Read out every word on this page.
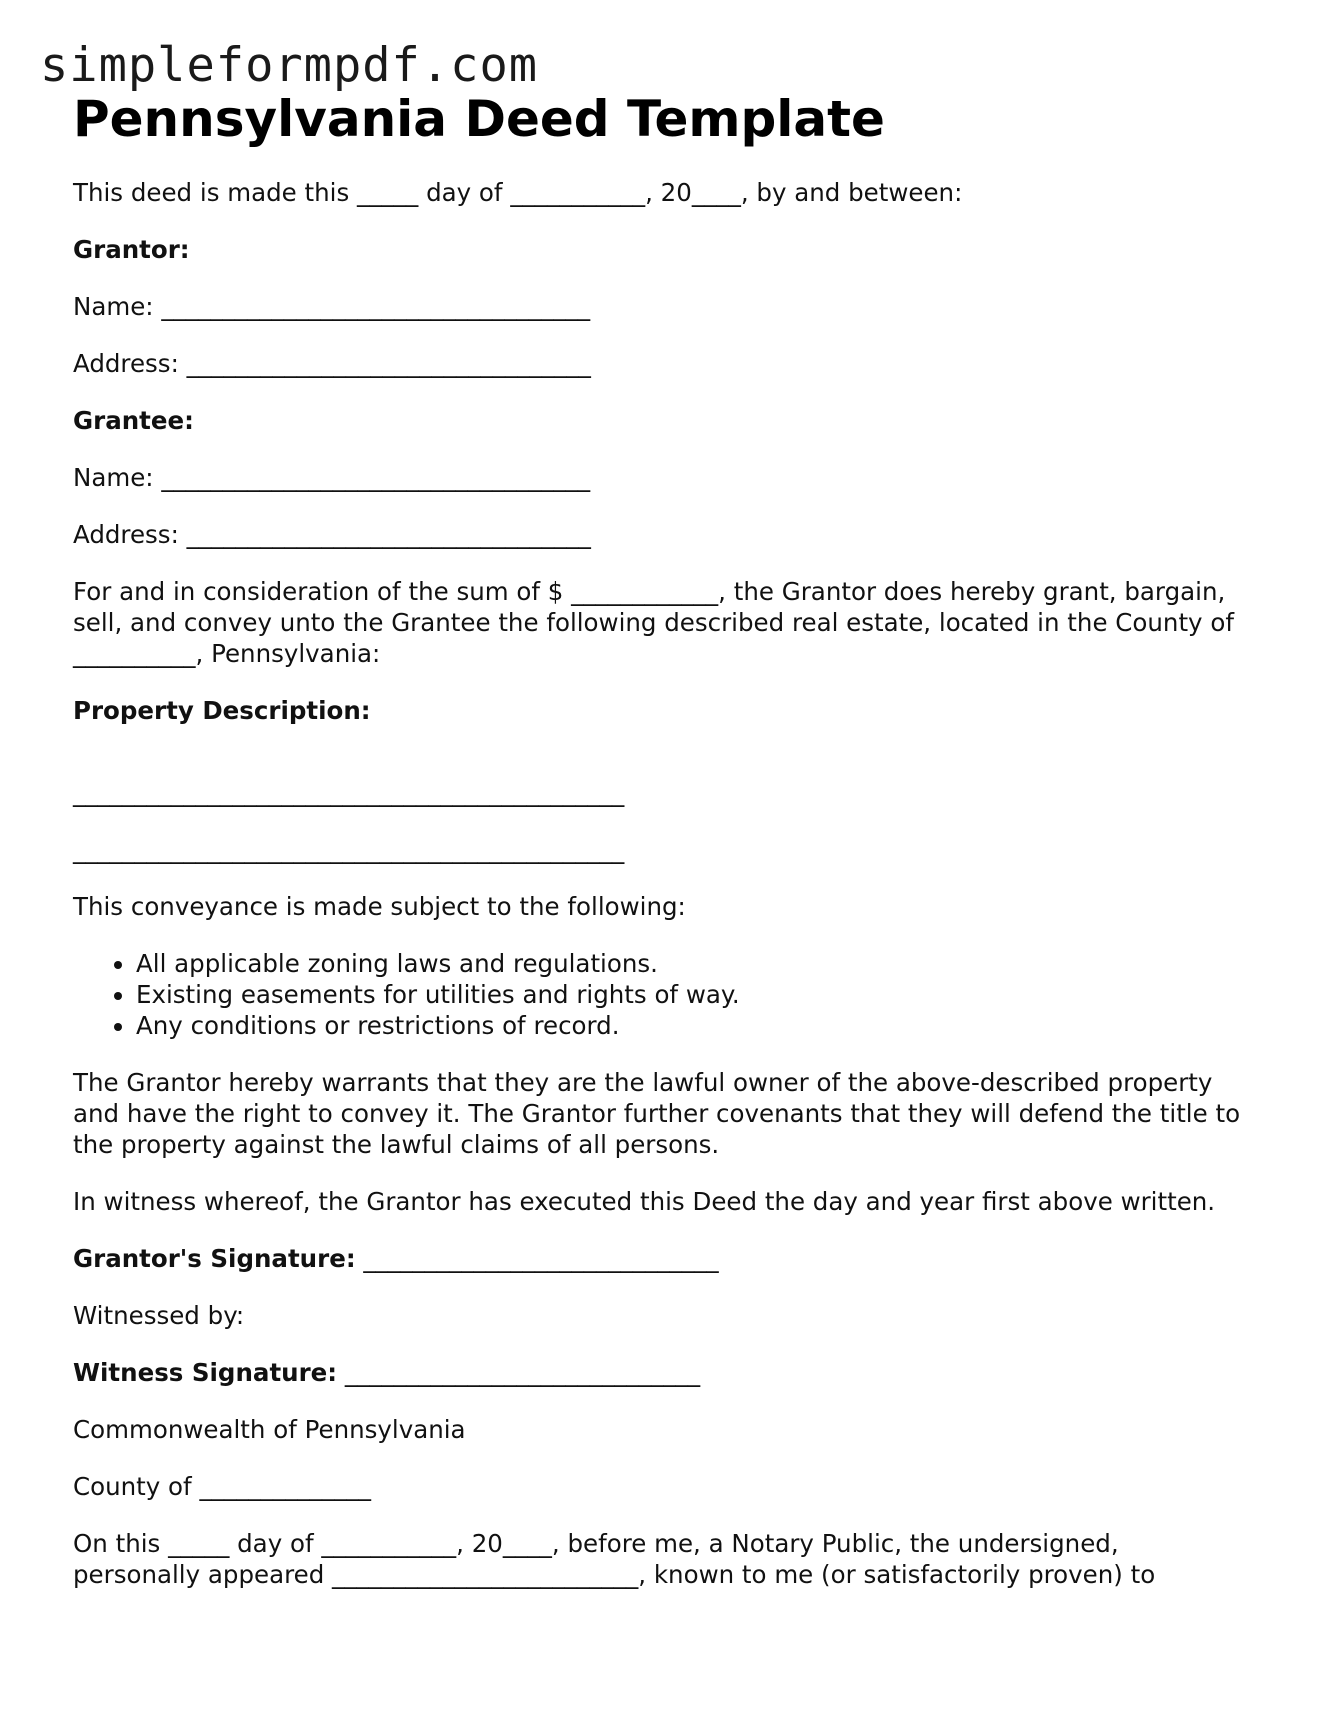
simpleformpdf.com
Pennsylvania Deed Template

This deed is made this _____ day of ___________, 20____, by and between:

Grantor:

Name: ___________________________________

Address: _________________________________

Grantee:

Name: ___________________________________

Address: _________________________________

For and in consideration of the sum of $ ____________, the Grantor does hereby grant, bargain, sell, and convey unto the Grantee the following described real estate, located in the County of __________, Pennsylvania:

Property Description:

_____________________________________________
_____________________________________________

This conveyance is made subject to the following:

• All applicable zoning laws and regulations.
• Existing easements for utilities and rights of way.
• Any conditions or restrictions of record.

The Grantor hereby warrants that they are the lawful owner of the above-described property and have the right to convey it. The Grantor further covenants that they will defend the title to the property against the lawful claims of all persons.

In witness whereof, the Grantor has executed this Deed the day and year first above written.

Grantor's Signature: _____________________________

Witnessed by:

Witness Signature: _____________________________

Commonwealth of Pennsylvania

County of ______________

On this _____ day of ___________, 20____, before me, a Notary Public, the undersigned, personally appeared _________________________, known to me (or satisfactorily proven) to
